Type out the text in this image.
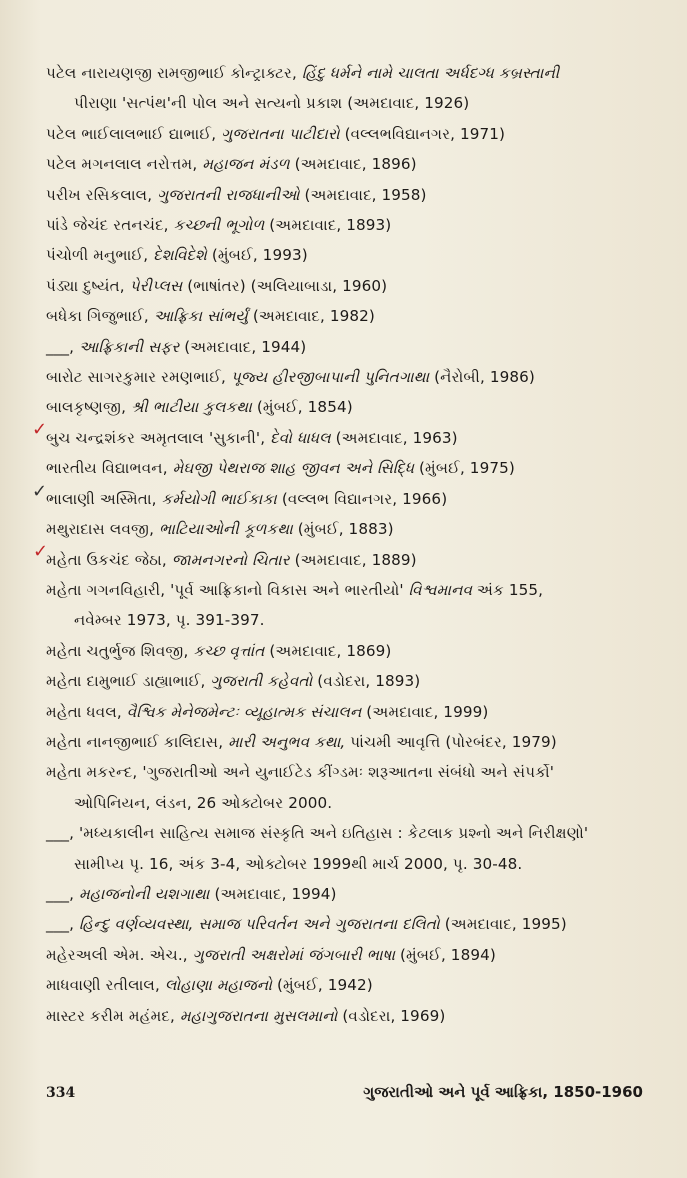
પટેલ નારાયણજી રામજીભાઈ કોન્ટ્રાક્ટર, હિંદુ ધર્મને નામે ચાલતા અર્ધદગ્ધ કબ્રસ્તાની
પીરાણા 'સત્પંથ'ની પોલ અને સત્યનો પ્રકાશ (અમદાવાદ, 1926)

પટેલ ભાઈલાલભાઈ દ્યાભાઈ, ગુજરાતના પાટીદારો (વલ્લભવિદ્યાનગર, 1971)

પટેલ મગનલાલ નરોત્તમ, મહાજન મંડળ (અમદાવાદ, 1896)

પરીખ રસિકલાલ, ગુજરાતની રાજધાનીઓ (અમદાવાદ, 1958)

પાંડે જેચંદ રતનચંદ, કચ્છની ભૂગોળ (અમદાવાદ, 1893)

પંચોળી મનુભાઈ, દેશવિદેશે (મુંબઈ, 1993)

પંડ્યા દુષ્યંત, પેરીપ્લસ (ભાષાંતર) (અલિયાબાડા, 1960)

બધેકા ગિજુભાઈ, આફ્રિકા સાંભર્યું (અમદાવાદ, 1982)

___, આફ્રિકાની સફર (અમદાવાદ, 1944)

બારોટ સાગરકુમાર રમણભાઈ, પૂજ્ય હીરજીબાપાની પુનિતગાથા (નૈરોબી, 1986)

બાલકૃષ્ણજી, શ્રી ભાટીયા કુલકથા (મુંબઈ, 1854)

બુચ ચન્દ્રશંકર અમૃતલાલ 'સુકાની', દેવો ધાધલ (અમદાવાદ, 1963)

ભારતીય વિદ્યાભવન, મેઘજી પેથરાજ શાહ જીવન અને સિદ્ધિ (મુંબઈ, 1975)

ભાલાણી અસ્મિતા, કર્મયોગી ભાઈકાકા (વલ્લભ વિદ્યાનગર, 1966)

મથુરાદાસ લવજી, ભાટિયાઓની કૂળકથા (મુંબઈ, 1883)

મહેતા ઉકચંદ જેઠા, જામનગરનો ચિતાર (અમદાવાદ, 1889)

મહેતા ગગનવિહારી, 'પૂર્વ આફ્રિકાનો વિકાસ અને ભારતીયો' વિશ્વમાનવ અંક 155,
નવેમ્બર 1973, પૃ. 391-397.

મહેતા ચતુર્ભુજ શિવજી, કચ્છ વૃત્તાંત (અમદાવાદ, 1869)

મહેતા દામુભાઈ ડાહ્યાભાઈ, ગુજરાતી કહેવતો (વડોદરા, 1893)

મહેતા ધવલ, વૈશ્વિક મેનેજમેન્ટઃ વ્યૂહાત્મક સંચાલન (અમદાવાદ, 1999)

મહેતા નાનજીભાઈ કાલિદાસ, મારી અનુભવ કથા, પાંચમી આવૃત્તિ (પોરબંદર, 1979)

મહેતા મકરન્દ, 'ગુજરાતીઓ અને યુનાઈટેડ કીંગ્ડમઃ શરૂઆતના સંબંધો અને સંપર્કો'
ઓપિનિયન, લંડન, 26 ઓક્ટોબર 2000.

___, 'મધ્યકાલીન સાહિત્ય સમાજ સંસ્કૃતિ અને ઇતિહાસ : કેટલાક પ્રશ્નો અને નિરીક્ષણો'
સામીપ્ય પૃ. 16, અંક 3-4, ઓક્ટોબર 1999થી માર્ચ 2000, પૃ. 30-48.

___, મહાજનોની યશગાથા (અમદાવાદ, 1994)

___, હિન્દુ વર્ણવ્યવસ્થા, સમાજ પરિવર્તન અને ગુજરાતના દલિતો (અમદાવાદ, 1995)

મહેરઅલી એમ. એચ., ગુજરાતી અક્ષરોમાં જંગબારી ભાષા (મુંબઈ, 1894)

માધવાણી રતીલાલ, લોહાણા મહાજનો (મુંબઈ, 1942)

માસ્ટર કરીમ મહંમદ, મહાગુજરાતના મુસલમાનો (વડોદરા, 1969)

✓
✓
✓
334	ગુજરાતીઓ અને પૂર્વ આફ્રિકા, 1850-1960
